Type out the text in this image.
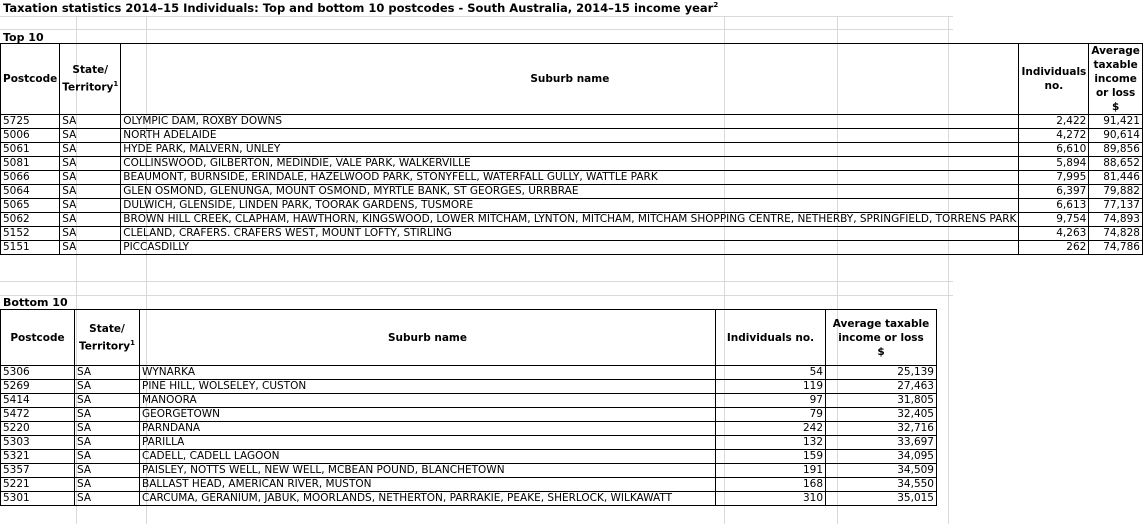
Taxation statistics 2014–15 Individuals: Top and bottom 10 postcodes - South Australia, 2014–15 income year$^2$
Top 10
Postcode	State/ Territory$^1$	Suburb name	Individuals no.	Average taxable income or loss
$
5725	SA	OLYMPIC DAM, ROXBY DOWNS	2,422	91,421
5006	SA	NORTH ADELAIDE	4,272	90,614
5061	SA	HYDE PARK, MALVERN, UNLEY	6,610	89,856
5081	SA	COLLINSWOOD, GILBERTON, MEDINDIE, VALE PARK, WALKERVILLE	5,894	88,652
5066	SA	BEAUMONT, BURNSIDE, ERINDALE, HAZELWOOD PARK, STONYFELL, WATERFALL GULLY, WATTLE PARK	7,995	81,446
5064	SA	GLEN OSMOND, GLENUNGA, MOUNT OSMOND, MYRTLE BANK, ST GEORGES, URRBRAE	6,397	79,882
5065	SA	DULWICH, GLENSIDE, LINDEN PARK, TOORAK GARDENS, TUSMORE	6,613	77,137
5062	SA	BROWN HILL CREEK, CLAPHAM, HAWTHORN, KINGSWOOD, LOWER MITCHAM, LYNTON, MITCHAM, MITCHAM SHOPPING CENTRE, NETHERBY, SPRINGFIELD, TORRENS PARK	9,754	74,893
5152	SA	CLELAND, CRAFERS. CRAFERS WEST, MOUNT LOFTY, STIRLING	4,263	74,828
5151	SA	PICCASDILLY	262	74,786
Bottom 10
Postcode	State/ Territory$^1$	Suburb name	Individuals no.	Average taxable income or loss
$
5306	SA	WYNARKA	54	25,139
5269	SA	PINE HILL, WOLSELEY, CUSTON	119	27,463
5414	SA	MANOORA	97	31,805
5472	SA	GEORGETOWN	79	32,405
5220	SA	PARNDANA	242	32,716
5303	SA	PARILLA	132	33,697
5321	SA	CADELL, CADELL LAGOON	159	34,095
5357	SA	PAISLEY, NOTTS WELL, NEW WELL, MCBEAN POUND, BLANCHETOWN	191	34,509
5221	SA	BALLAST HEAD, AMERICAN RIVER, MUSTON	168	34,550
5301	SA	CARCUMA, GERANIUM, JABUK, MOORLANDS, NETHERTON, PARRAKIE, PEAKE, SHERLOCK, WILKAWATT	310	35,015
